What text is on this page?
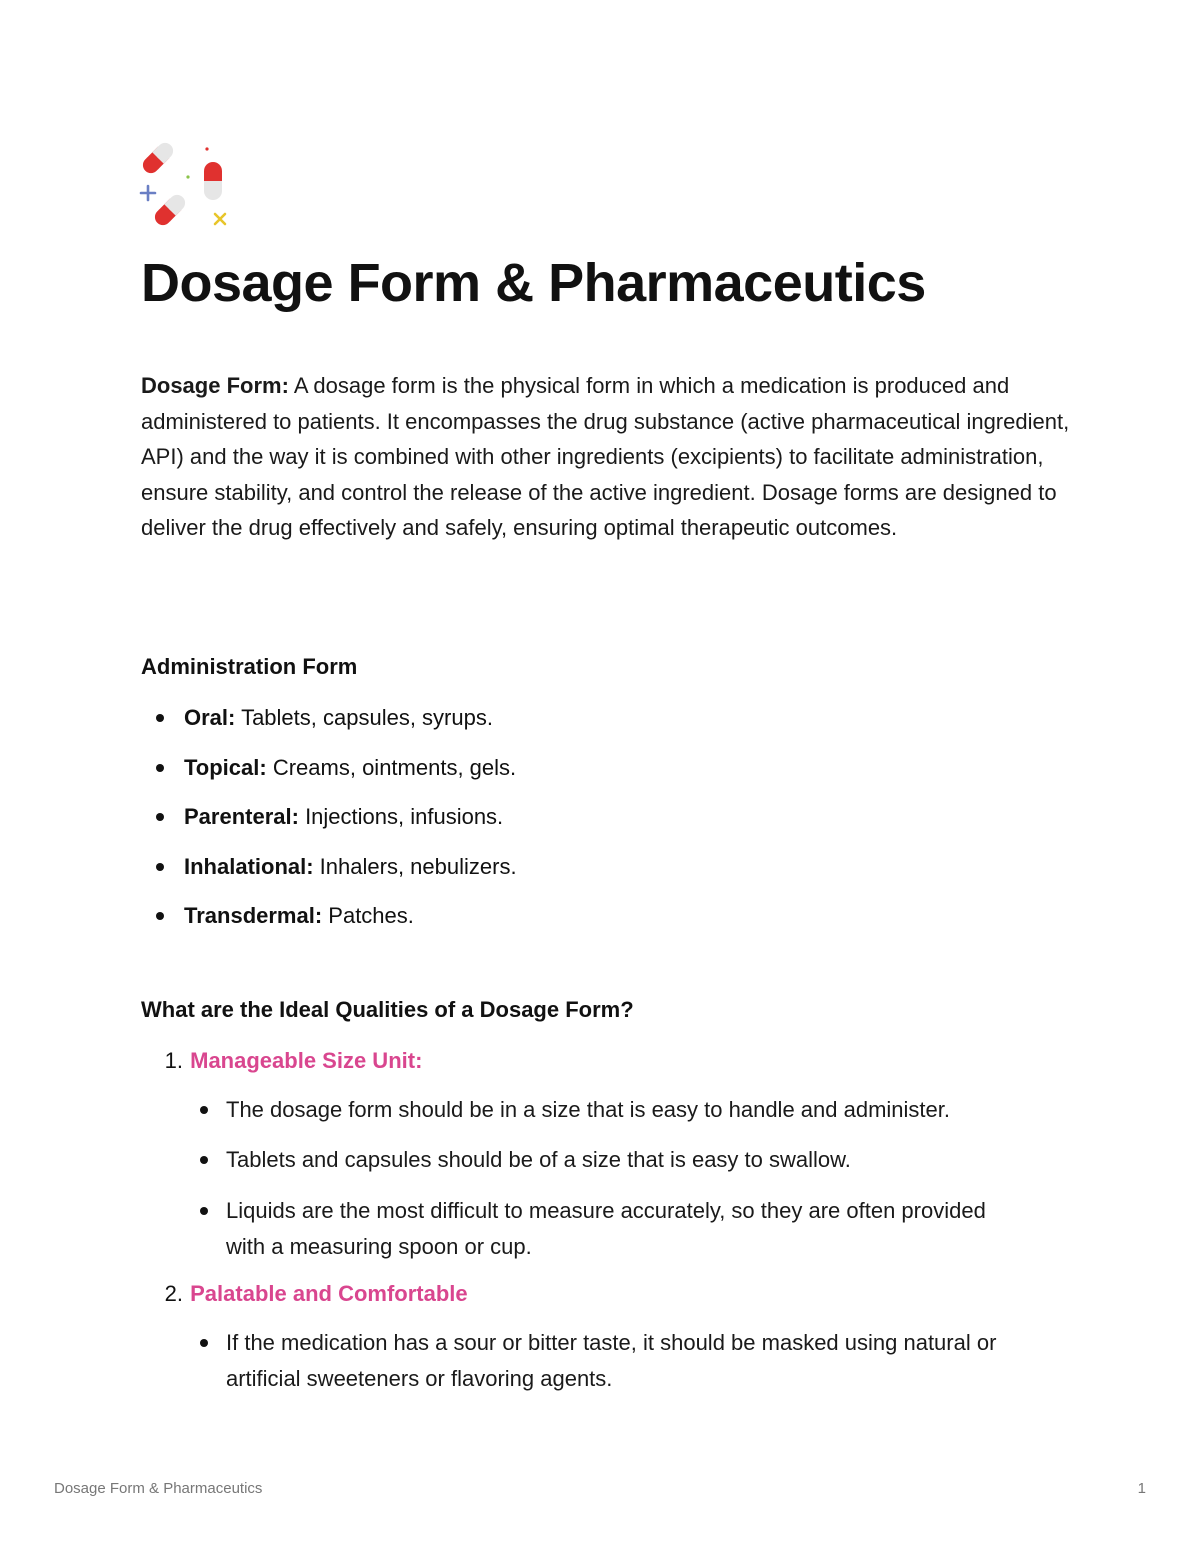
Dosage Form & Pharmaceutics

Dosage Form: A dosage form is the physical form in which a medication is produced and administered to patients. It encompasses the drug substance (active pharmaceutical ingredient, API) and the way it is combined with other ingredients (excipients) to facilitate administration, ensure stability, and control the release of the active ingredient. Dosage forms are designed to deliver the drug effectively and safely, ensuring optimal therapeutic outcomes.

Administration Form
Oral: Tablets, capsules, syrups.
Topical: Creams, ointments, gels.
Parenteral: Injections, infusions.
Inhalational: Inhalers, nebulizers.
Transdermal: Patches.
What are the Ideal Qualities of a Dosage Form?
1. Manageable Size Unit:
The dosage form should be in a size that is easy to handle and administer.
Tablets and capsules should be of a size that is easy to swallow.
Liquids are the most difficult to measure accurately, so they are often provided with a measuring spoon or cup.
2. Palatable and Comfortable
If the medication has a sour or bitter taste, it should be masked using natural or artificial sweeteners or flavoring agents.
Dosage Form & Pharmaceutics	1
